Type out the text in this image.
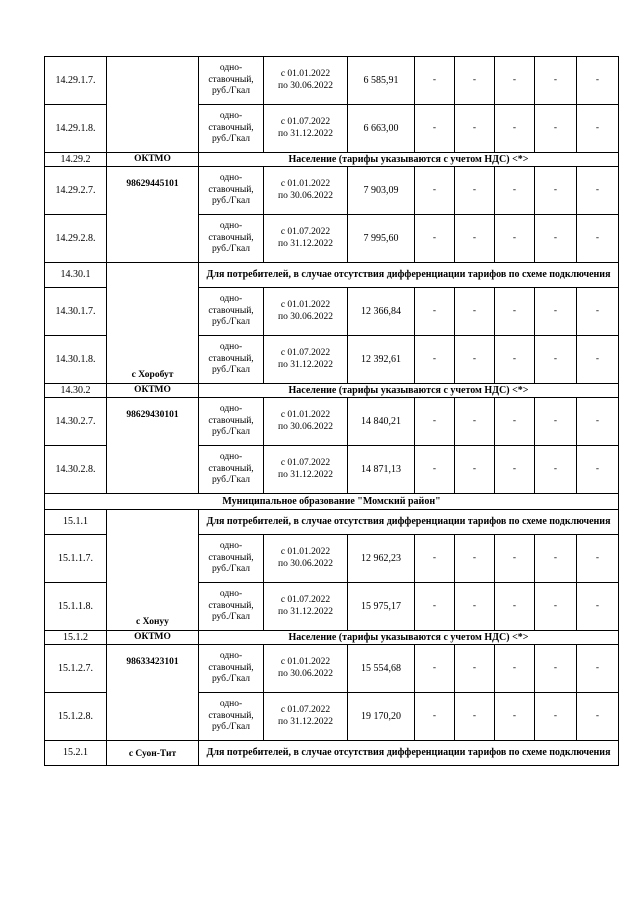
14.29.1.7.		одно-
ставочный,
руб./Гкал	с 01.01.2022
по 30.06.2022	6 585,91	-	-	-	-	-
14.29.1.8.		одно-
ставочный,
руб./Гкал	с 01.07.2022
по 31.12.2022	6 663,00	-	-	-	-	-
14.29.2	ОКТМО	Население (тарифы указываются с учетом НДС) <*>							
14.29.2.7.	98629445101	одно-
ставочный,
руб./Гкал	с 01.01.2022
по 30.06.2022	7 903,09	-	-	-	-	-
14.29.2.8.		одно-
ставочный,
руб./Гкал	с 01.07.2022
по 31.12.2022	7 995,60	-	-	-	-	-
14.30.1	с Хоробут	Для потребителей, в случае отсутствия дифференциации тарифов по схеме подключения							
14.30.1.7.		одно-
ставочный,
руб./Гкал	с 01.01.2022
по 30.06.2022	12 366,84	-	-	-	-	-
14.30.1.8.		одно-
ставочный,
руб./Гкал	с 01.07.2022
по 31.12.2022	12 392,61	-	-	-	-	-
14.30.2	ОКТМО	Население (тарифы указываются с учетом НДС) <*>							
14.30.2.7.	98629430101	одно-
ставочный,
руб./Гкал	с 01.01.2022
по 30.06.2022	14 840,21	-	-	-	-	-
14.30.2.8.		одно-
ставочный,
руб./Гкал	с 01.07.2022
по 31.12.2022	14 871,13	-	-	-	-	-
Муниципальное образование "Момский район"									
15.1.1	с Хонуу	Для потребителей, в случае отсутствия дифференциации тарифов по схеме подключения							
15.1.1.7.		одно-
ставочный,
руб./Гкал	с 01.01.2022
по 30.06.2022	12 962,23	-	-	-	-	-
15.1.1.8.		одно-
ставочный,
руб./Гкал	с 01.07.2022
по 31.12.2022	15 975,17	-	-	-	-	-
15.1.2	ОКТМО	Население (тарифы указываются с учетом НДС) <*>							
15.1.2.7.	98633423101	одно-
ставочный,
руб./Гкал	с 01.01.2022
по 30.06.2022	15 554,68	-	-	-	-	-
15.1.2.8.		одно-
ставочный,
руб./Гкал	с 01.07.2022
по 31.12.2022	19 170,20	-	-	-	-	-
15.2.1	с Суон-Тит	Для потребителей, в случае отсутствия дифференциации тарифов по схеме подключения							
